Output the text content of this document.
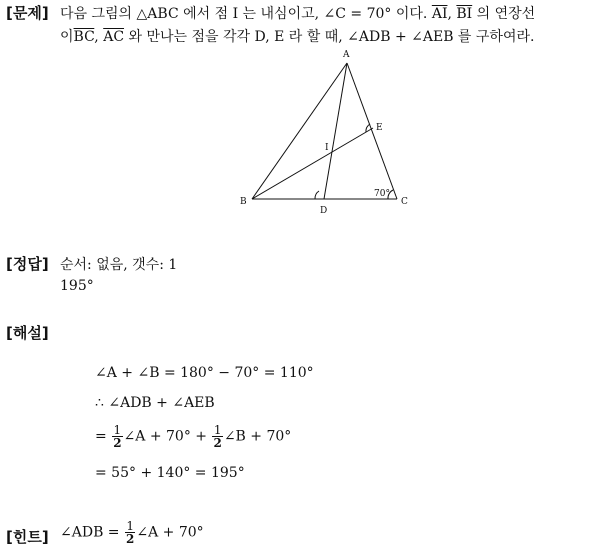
[문제] 다음 그림의 △ABC 에서 점 I 는 내심이고, ∠C = 70° 이다. $\overline{AI}$, $\overline{BI}$ 의 연장선
이$\overline{BC}$, $\overline{AC}$ 와 만나는 점을 각각 D, E 라 할 때, ∠ADB + ∠AEB 를 구하여라.
A
B	C
D
E
I
70°
[정답] 순서: 없음, 갯수: 1
195°
[해설]
∠A + ∠B = 180° − 70° = 110°
∴ ∠ADB + ∠AEB
= $\frac{1}{2}$ ∠A + $70^\circ + \frac{1}{2}$ ∠B + 70°
= 55° + 140° = 195°
[힌트] ∠ADB = $\frac{1}{2}$ ∠A + 70°
